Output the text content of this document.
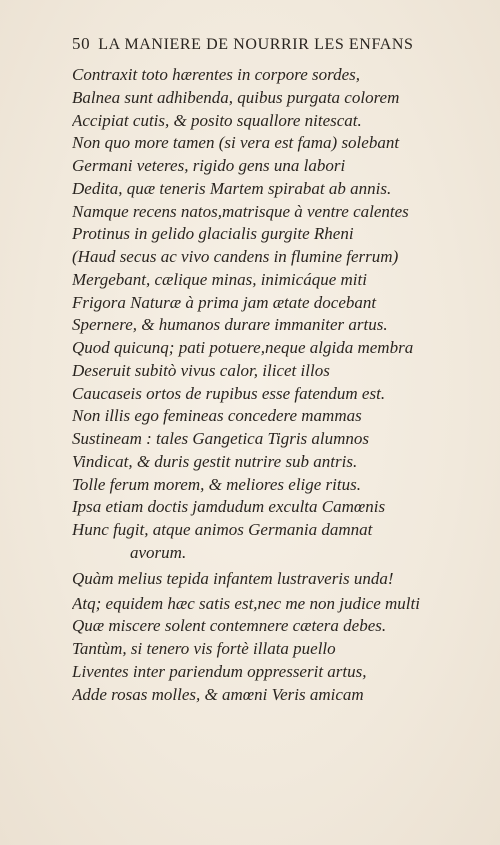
50 LA MANIERE DE NOURRIR LES ENFANS
Contraxit toto hærentes in corpore sordes,
Balnea sunt adhibenda, quibus purgata colorem
Accipiat cutis, & posito squallore nitescat.
Non quo more tamen (si vera est fama) solebant
Germani veteres, rigido gens una labori
Dedita, quæ teneris Martem spirabat ab annis.
Namque recens natos,matrisque à ventre calentes
Protinus in gelido glacialis gurgite Rheni
(Haud secus ac vivo candens in flumine ferrum)
Mergebant, cælique minas, inimicáque miti
Frigora Naturæ à prima jam ætate docebant
Spernere, & humanos durare immaniter artus.
Quod quicunq; pati potuere,neque algida membra
Deseruit subitò vivus calor, ilicet illos
Caucaseis ortos de rupibus esse fatendum est.
Non illis ego femineas concedere mammas
Sustineam : tales Gangetica Tigris alumnos
Vindicat, & duris gestit nutrire sub antris.
Tolle ferum morem, & meliores elige ritus.
Ipsa etiam doctis jamdudum exculta Camœnis
Hunc fugit, atque animos Germania damnat
avorum.
Quàm melius tepida infantem lustraveris unda!
Atq; equidem hæc satis est,nec me non judice multi
Quæ miscere solent contemnere cætera debes.
Tantùm, si tenero vis fortè illata puello
Liventes inter pariendum oppresserit artus,
Adde rosas molles, & amœni Veris amicam
